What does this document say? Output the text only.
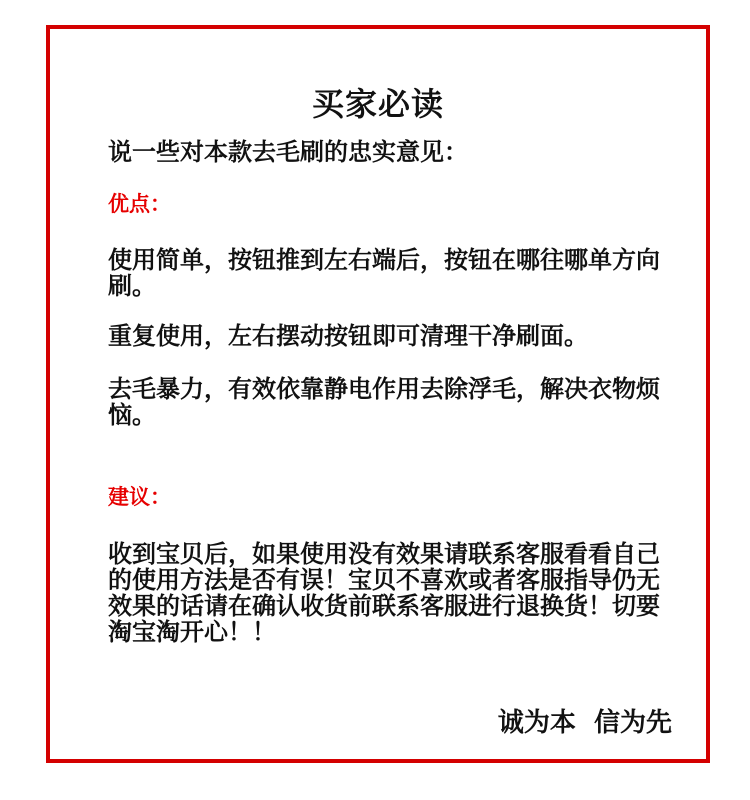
买家必读
说一些对本款去毛刷的忠实意见：
优点：
使用简单，按钮推到左右端后，按钮在哪往哪单方向刷。
重复使用，左右摆动按钮即可清理干净刷面。
去毛暴力，有效依靠静电作用去除浮毛，解决衣物烦恼。
建议：
收到宝贝后，如果使用没有效果请联系客服看看自己的使用方法是否有误！宝贝不喜欢或者客服指导仍无效果的话请在确认收货前联系客服进行退换货！切要淘宝淘开心！！
诚为本  信为先
